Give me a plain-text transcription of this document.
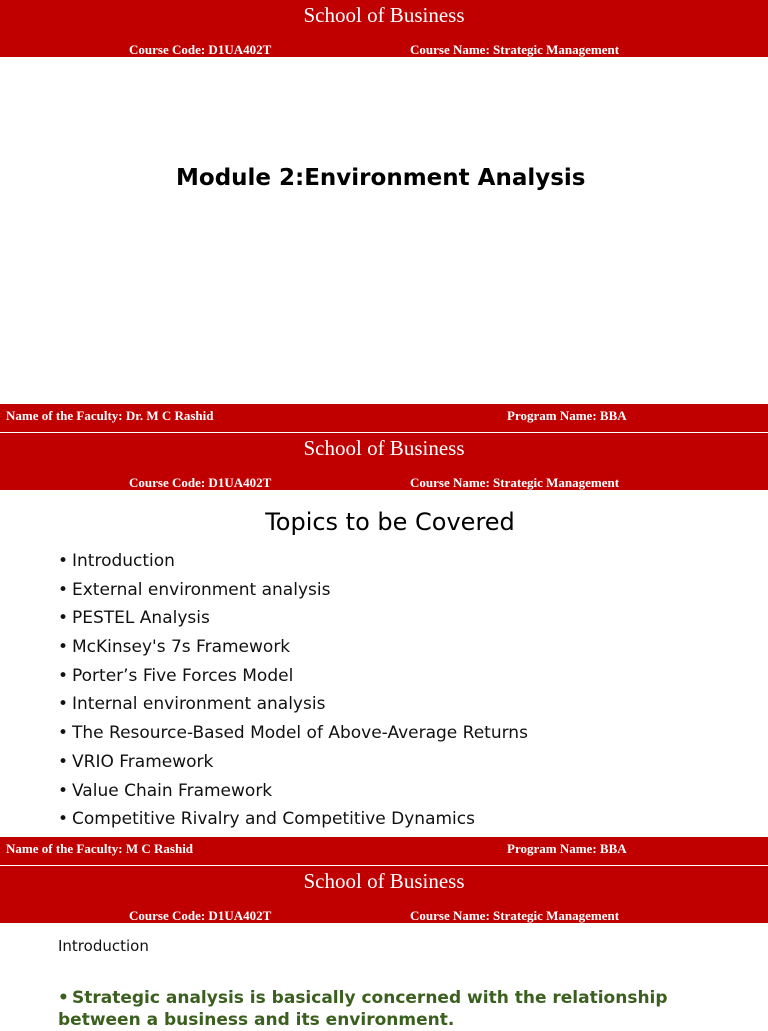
School of Business
Course Code: D1UA402T	Course Name: Strategic Management
Module 2:Environment Analysis
Name of the Faculty: Dr. M C Rashid	Program Name: BBA
School of Business
Course Code: D1UA402T	Course Name: Strategic Management
Topics to be Covered
• Introduction
• External environment analysis
• PESTEL Analysis
• McKinsey's 7s Framework
• Porter’s Five Forces Model
• Internal environment analysis
• The Resource-Based Model of Above-Average Returns
• VRIO Framework
• Value Chain Framework
• Competitive Rivalry and Competitive Dynamics
Name of the Faculty: M C Rashid	Program Name: BBA
School of Business
Course Code: D1UA402T	Course Name: Strategic Management
Introduction
• Strategic analysis is basically concerned with the relationship between a business and its environment.
